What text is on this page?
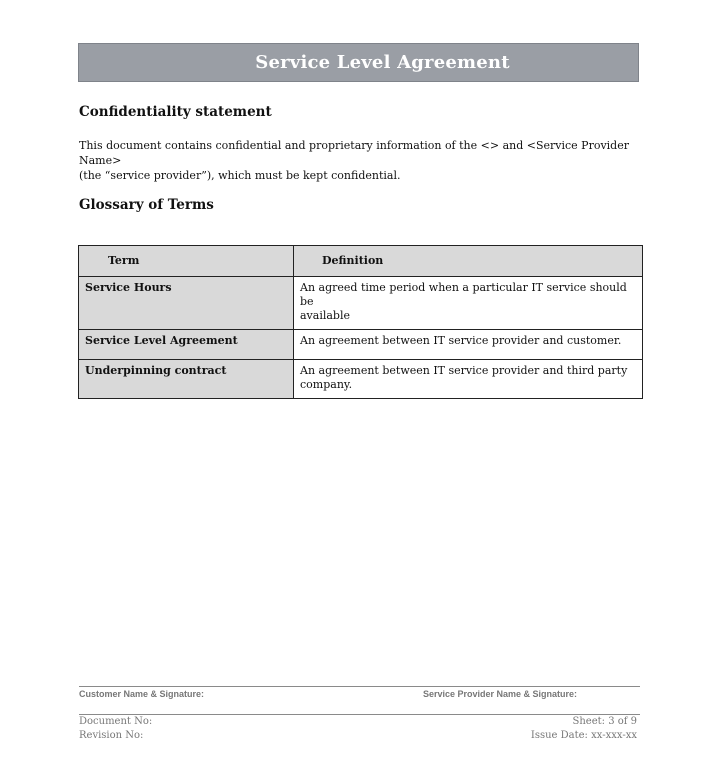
Service Level Agreement
Confidentiality statement
This document contains confidential and proprietary information of the <> and <Service Provider Name>
(the “service provider”), which must be kept confidential.
Glossary of Terms
Term	Definition
Service Hours	An agreed time period when a particular IT service should be
available

Service Level Agreement	An agreement between IT service provider and customer.

Underpinning contract	An agreement between IT service provider and third party
company.
Customer Name & Signature:	Service Provider Name & Signature:
Document No:
Revision No:
Sheet: 3 of 9
Issue Date: xx-xxx-xx
